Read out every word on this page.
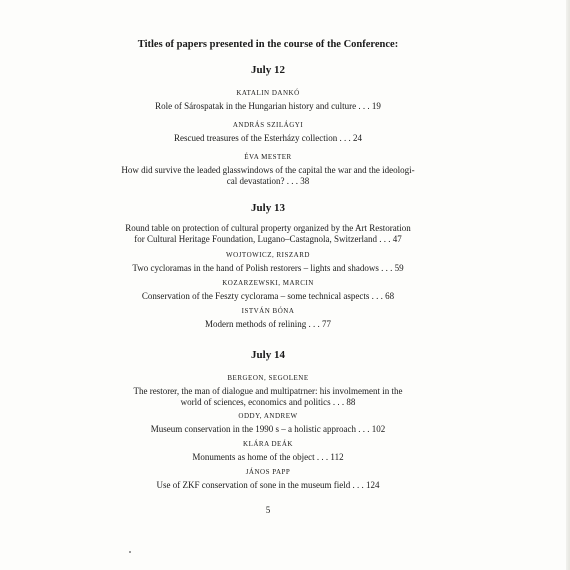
Titles of papers presented in the course of the Conference:

July 12

KATALIN DANKÓ

Role of Sárospatak in the Hungarian history and culture . . . 19

ANDRÁS SZILÁGYI

Rescued treasures of the Esterházy collection . . . 24

ÉVA MESTER

How did survive the leaded glasswindows of the capital the war and the ideologi-

cal devastation? . . . 38

July 13

Round table on protection of cultural property organized by the Art Restoration

for Cultural Heritage Foundation, Lugano–Castagnola, Switzerland . . . 47

WOJTOWICZ, RISZARD

Two cycloramas in the hand of Polish restorers – lights and shadows . . . 59

KOZARZEWSKI, MARCIN

Conservation of the Feszty cyclorama – some technical aspects . . . 68

ISTVÁN BÓNA

Modern methods of relining . . . 77

July 14

BERGEON, SEGOLENE

The restorer, the man of dialogue and multipatrner: his involmement in the

world of sciences, economics and politics . . . 88

ODDY, ANDREW

Museum conservation in the 1990 s – a holistic approach . . . 102

KLÁRA DEÁK

Monuments as home of the object . . . 112

JÁNOS PAPP

Use of ZKF conservation of sone in the museum field . . . 124

5
